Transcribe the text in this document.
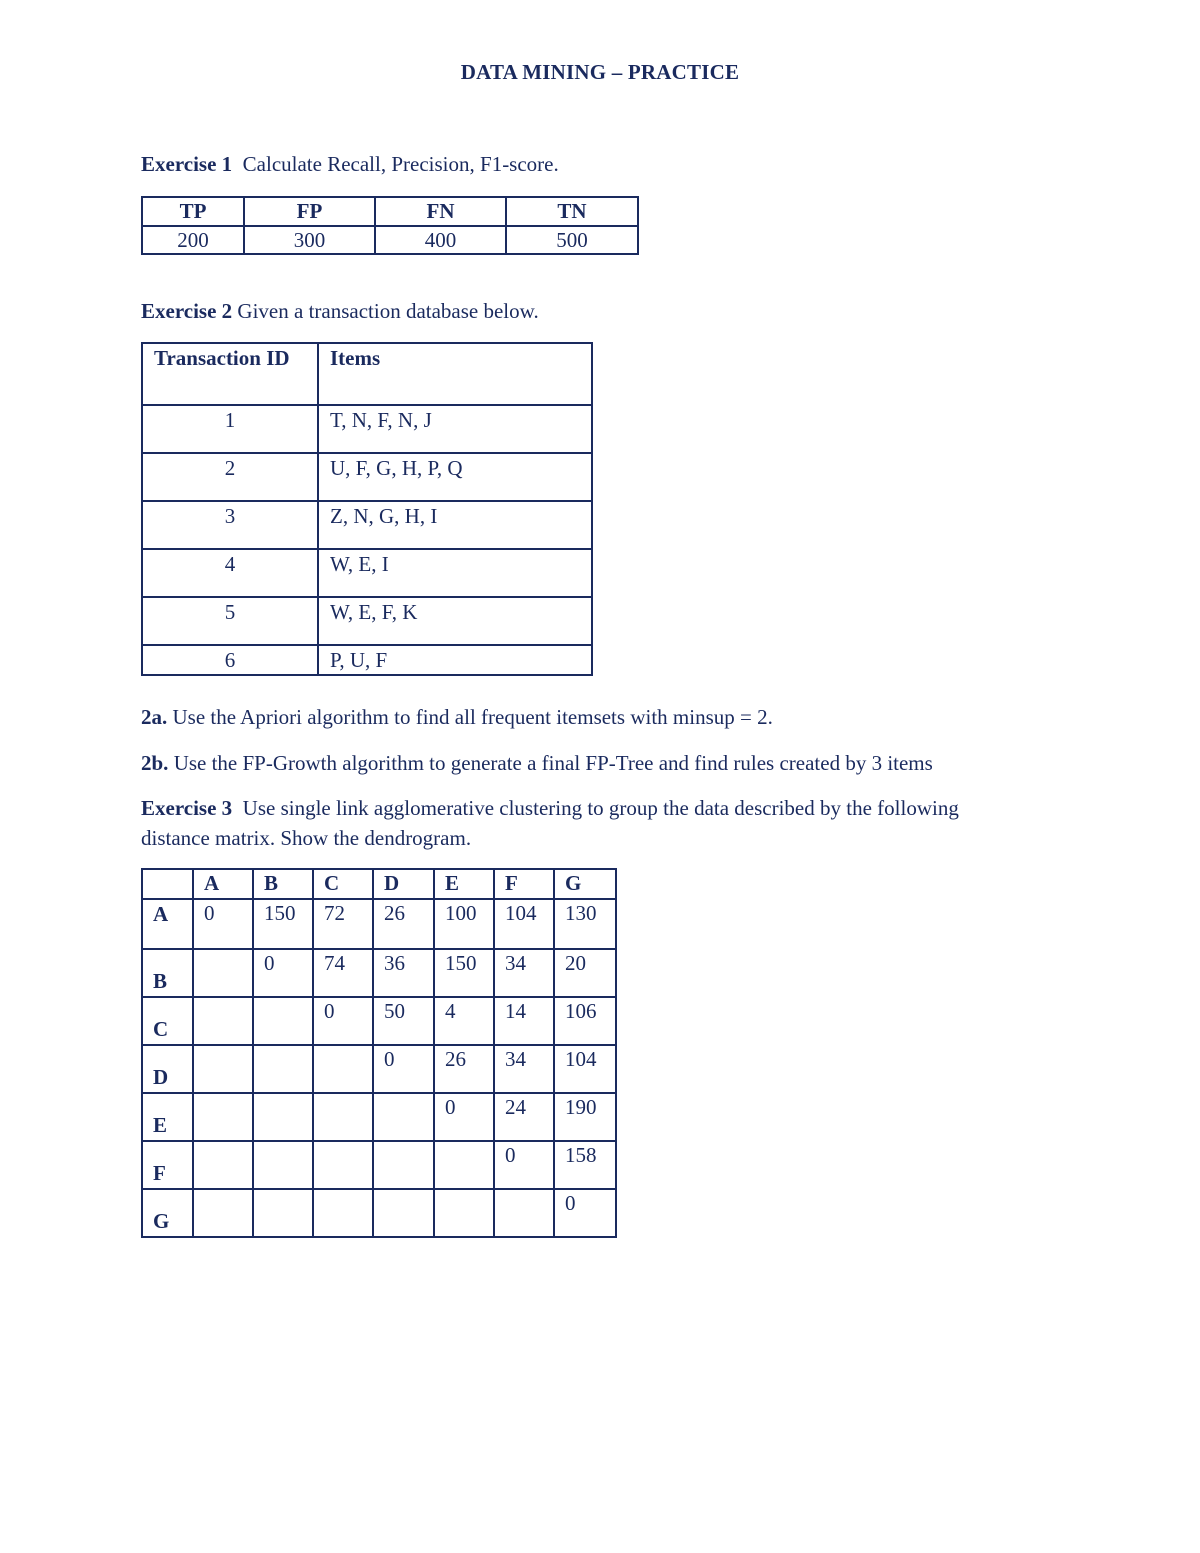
DATA MINING – PRACTICE
Exercise 1 Calculate Recall, Precision, F1-score.
TP	FP	FN	TN
200	300	400	500
Exercise 2 Given a transaction database below.
Transaction ID	Items
1	T, N, F, N, J
2	U, F, G, H, P, Q
3	Z, N, G, H, I
4	W, E, I
5	W, E, F, K
6	P, U, F
2a. Use the Apriori algorithm to find all frequent itemsets with minsup = 2.
2b. Use the FP-Growth algorithm to generate a final FP-Tree and find rules created by 3 items
Exercise 3 Use single link agglomerative clustering to group the data described by the following
distance matrix. Show the dendrogram.
	A	B	C	D	E	F	G
A	0	150	72	26	100	104	130
B		0	74	36	150	34	20
C			0	50	4	14	106
D				0	26	34	104
E					0	24	190
F						0	158
G							0
